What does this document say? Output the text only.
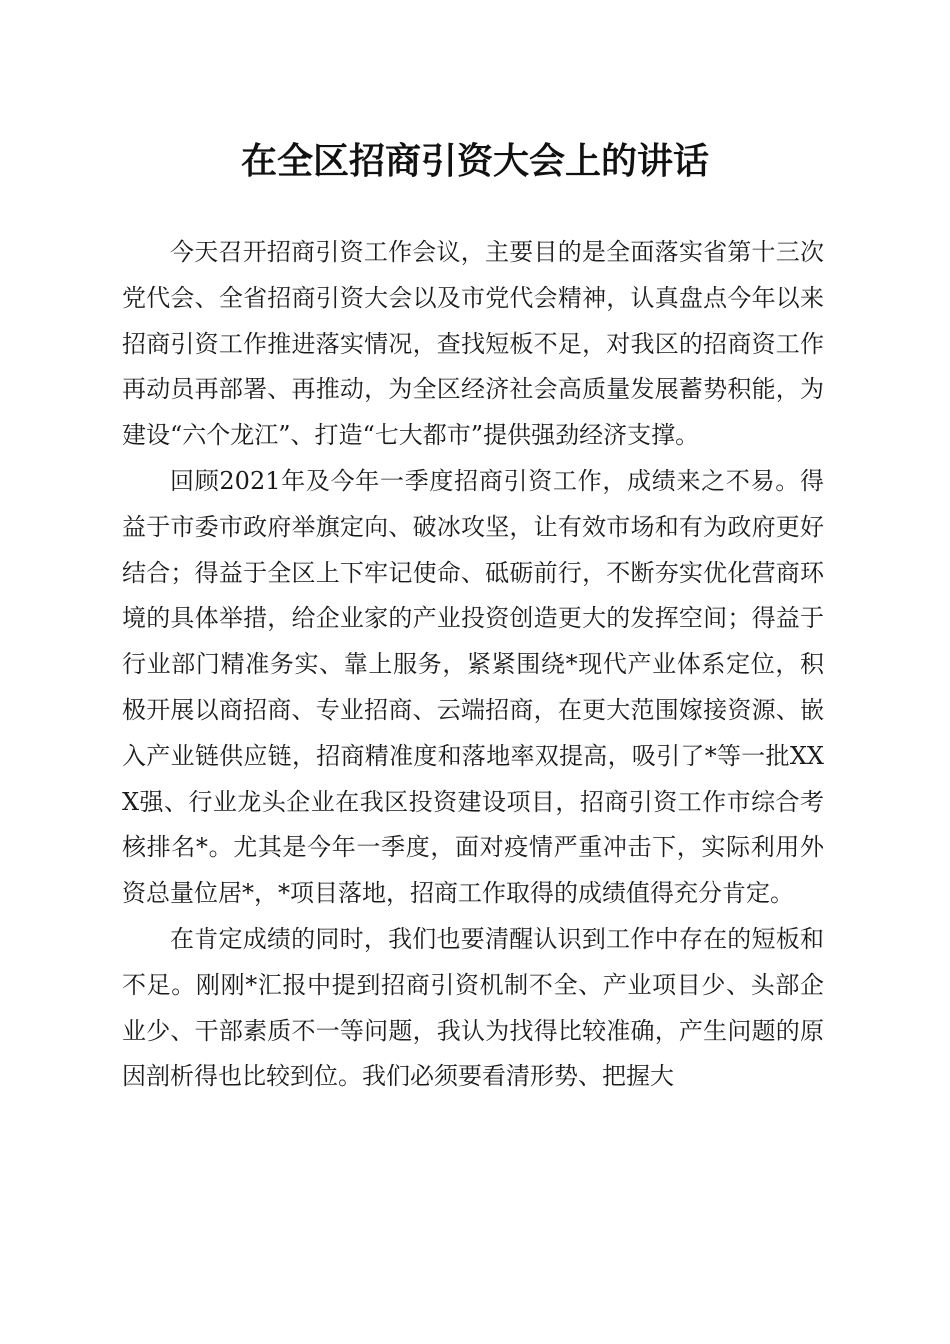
在全区招商引资大会上的讲话

今天召开招商引资工作会议，主要目的是全面落实省第十三次党代会、全省招商引资大会以及市党代会精神，认真盘点今年以来招商引资工作推进落实情况，查找短板不足，对我区的招商资工作再动员再部署、再推动，为全区经济社会高质量发展蓄势积能，为建设“六个龙江”、打造“七大都市”提供强劲经济支撑。

回顾2021年及今年一季度招商引资工作，成绩来之不易。得益于市委市政府举旗定向、破冰攻坚，让有效市场和有为政府更好结合；得益于全区上下牢记使命、砥砺前行，不断夯实优化营商环境的具体举措，给企业家的产业投资创造更大的发挥空间；得益于行业部门精准务实、靠上服务，紧紧围绕*现代产业体系定位，积极开展以商招商、专业招商、云端招商，在更大范围嫁接资源、嵌入产业链供应链，招商精准度和落地率双提高，吸引了*等一批XXX强、行业龙头企业在我区投资建设项目，招商引资工作市综合考核排名*。尤其是今年一季度，面对疫情严重冲击下，实际利用外资总量位居*，*项目落地，招商工作取得的成绩值得充分肯定。

在肯定成绩的同时，我们也要清醒认识到工作中存在的短板和不足。刚刚*汇报中提到招商引资机制不全、产业项目少、头部企业少、干部素质不一等问题，我认为找得比较准确，产生问题的原因剖析得也比较到位。我们必须要看清形势、把握大
